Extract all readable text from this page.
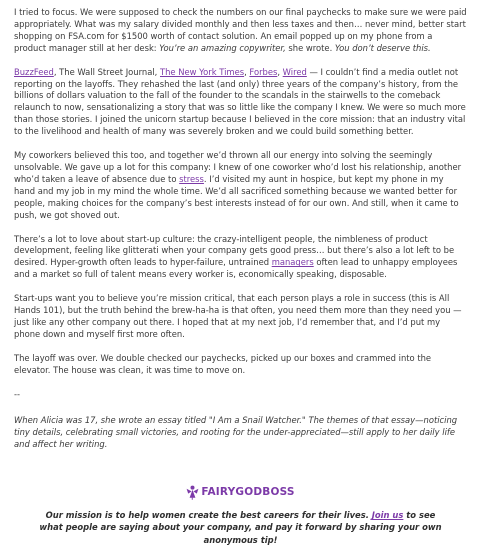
I tried to focus. We were supposed to check the numbers on our final paychecks to make sure we were paid appropriately. What was my salary divided monthly and then less taxes and then… never mind, better start shopping on FSA.com for $1500 worth of contact solution. An email popped up on my phone from a product manager still at her desk: You’re an amazing copywriter, she wrote. You don’t deserve this.

BuzzFeed, The Wall Street Journal, The New York Times, Forbes, Wired — I couldn’t find a media outlet not reporting on the layoffs. They rehashed the last (and only) three years of the company’s history, from the billions of dollars valuation to the fall of the founder to the scandals in the stairwells to the comeback relaunch to now, sensationalizing a story that was so little like the company I knew. We were so much more than those stories. I joined the unicorn startup because I believed in the core mission: that an industry vital to the livelihood and health of many was severely broken and we could build something better.

My coworkers believed this too, and together we’d thrown all our energy into solving the seemingly unsolvable. We gave up a lot for this company: I knew of one coworker who’d lost his relationship, another who’d taken a leave of absence due to stress. I’d visited my aunt in hospice, but kept my phone in my hand and my job in my mind the whole time. We’d all sacrificed something because we wanted better for people, making choices for the company’s best interests instead of for our own. And still, when it came to push, we got shoved out.

There’s a lot to love about start-up culture: the crazy-intelligent people, the nimbleness of product development, feeling like glitterati when your company gets good press… but there’s also a lot left to be desired. Hyper-growth often leads to hyper-failure, untrained managers often lead to unhappy employees and a market so full of talent means every worker is, economically speaking, disposable.

Start-ups want you to believe you’re mission critical, that each person plays a role in success (this is All Hands 101), but the truth behind the brew-ha-ha is that often, you need them more than they need you — just like any other company out there. I hoped that at my next job, I’d remember that, and I’d put my phone down and myself first more often.

The layoff was over. We double checked our paychecks, picked up our boxes and crammed into the elevator. The house was clean, it was time to move on.

--

When Alicia was 17, she wrote an essay titled "I Am a Snail Watcher." The themes of that essay—noticing tiny details, celebrating small victories, and rooting for the under-appreciated—still apply to her daily life and affect her writing.

FAIRYGODBOSS

Our mission is to help women create the best careers for their lives. Join us to see what people are saying about your company, and pay it forward by sharing your own anonymous tip!
